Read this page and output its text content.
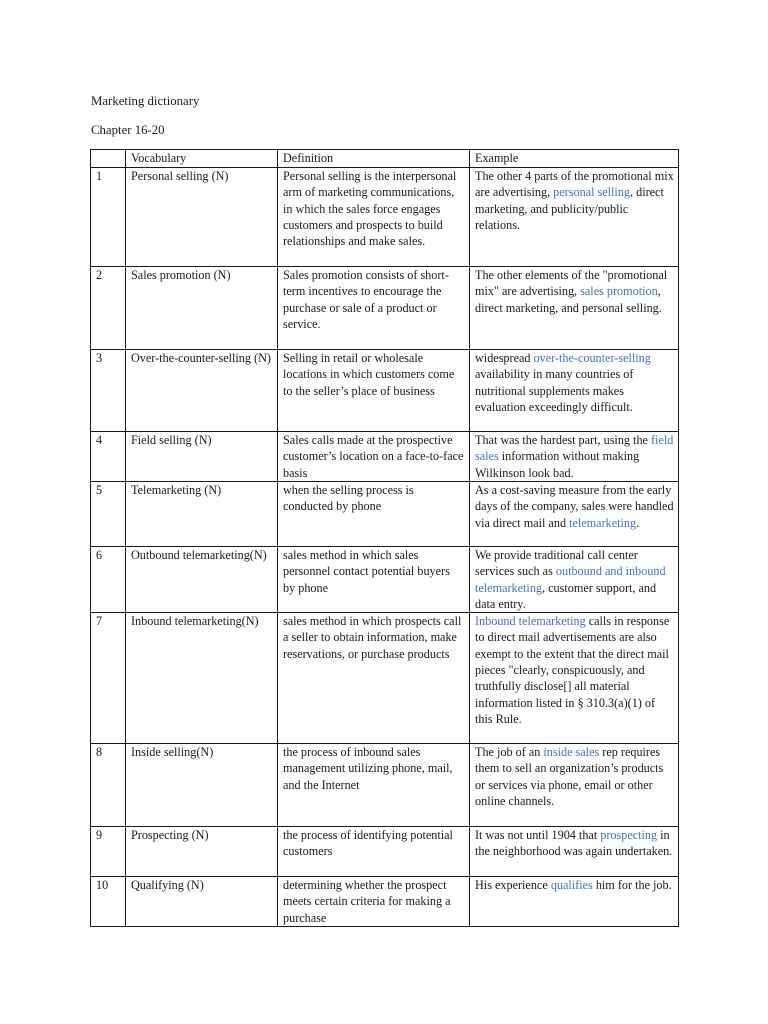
Marketing dictionary
Chapter 16-20
	Vocabulary	Definition	Example
1	Personal selling (N)	Personal selling is the interpersonal arm of marketing communications, in which the sales force engages customers and prospects to build relationships and make sales.	The other 4 parts of the promotional mix are advertising, personal selling, direct marketing, and publicity/public relations.
2	Sales promotion (N)	Sales promotion consists of short-term incentives to encourage the purchase or sale of a product or service.	The other elements of the "promotional mix" are advertising, sales promotion, direct marketing, and personal selling.
3	Over-the-counter-selling (N)	Selling in retail or wholesale locations in which customers come to the seller’s place of business	widespread over-the-counter-selling availability in many countries of nutritional supplements makes evaluation exceedingly difficult.
4	Field selling (N)	Sales calls made at the prospective customer’s location on a face-to-face basis	That was the hardest part, using the field sales information without making Wilkinson look bad.
5	Telemarketing (N)	when the selling process is conducted by phone	As a cost-saving measure from the early days of the company, sales were handled via direct mail and telemarketing.
6	Outbound telemarketing(N)	sales method in which sales personnel contact potential buyers by phone	We provide traditional call center services such as outbound and inbound telemarketing, customer support, and data entry.
7	Inbound telemarketing(N)	sales method in which prospects call a seller to obtain information, make reservations, or purchase products	Inbound telemarketing calls in response to direct mail advertisements are also exempt to the extent that the direct mail pieces "clearly, conspicuously, and truthfully disclose[] all material information listed in § 310.3(a)(1) of this Rule.
8	Inside selling(N)	the process of inbound sales management utilizing phone, mail, and the Internet	The job of an inside sales rep requires them to sell an organization’s products or services via phone, email or other online channels.
9	Prospecting (N)	the process of identifying potential customers	It was not until 1904 that prospecting in the neighborhood was again undertaken.
10	Qualifying (N)	determining whether the prospect meets certain criteria for making a purchase	His experience qualifies him for the job.
